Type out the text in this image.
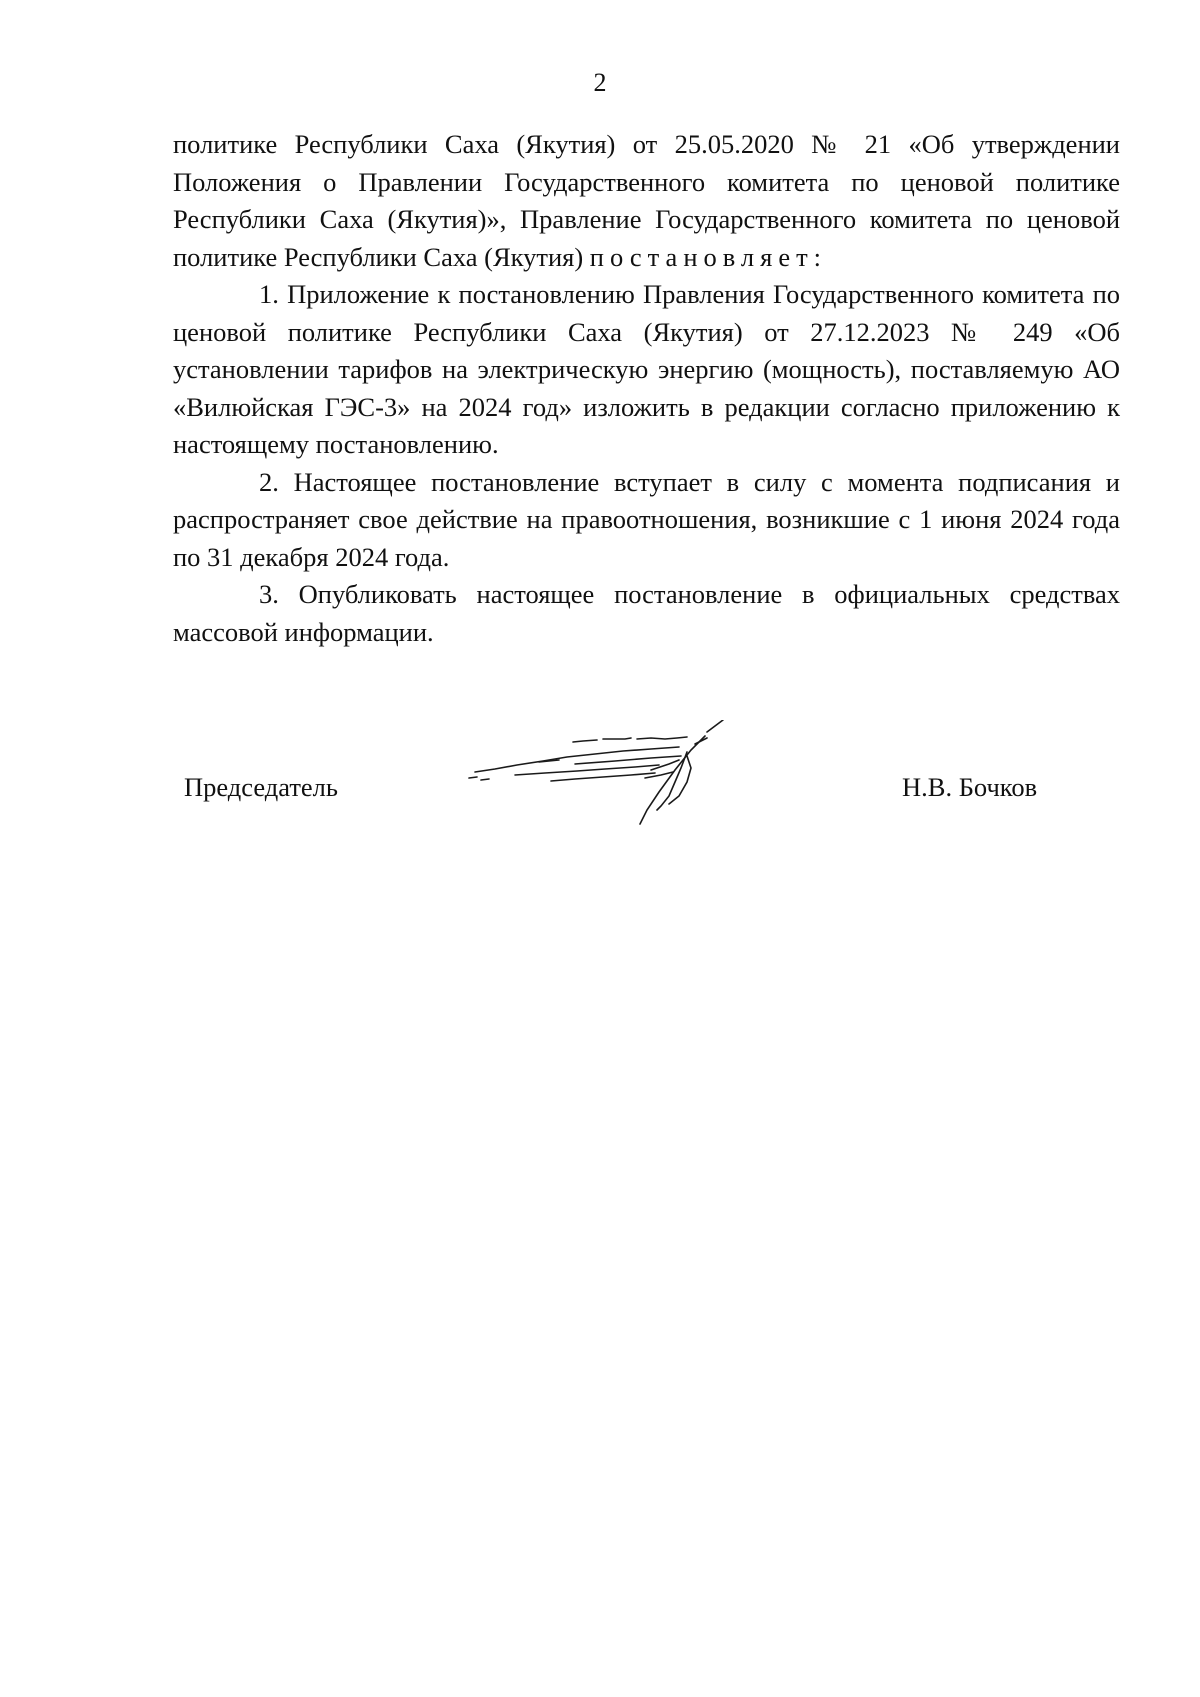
2

политике Республики Саха (Якутия) от 25.05.2020 № 21 «Об утверждении Положения о Правлении Государственного комитета по ценовой политике Республики Саха (Якутия)», Правление Государственного комитета по ценовой политике Республики Саха (Якутия) постановляет:

1. Приложение к постановлению Правления Государственного комитета по ценовой политике Республики Саха (Якутия) от 27.12.2023 № 249 «Об установлении тарифов на электрическую энергию (мощность), поставляемую АО «Вилюйская ГЭС-3» на 2024 год» изложить в редакции согласно приложению к настоящему постановлению.

2. Настоящее постановление вступает в силу с момента подписания и распространяет свое действие на правоотношения, возникшие с 1 июня 2024 года по 31 декабря 2024 года.

3. Опубликовать настоящее постановление в официальных средствах массовой информации.

Председатель	Н.В. Бочков
